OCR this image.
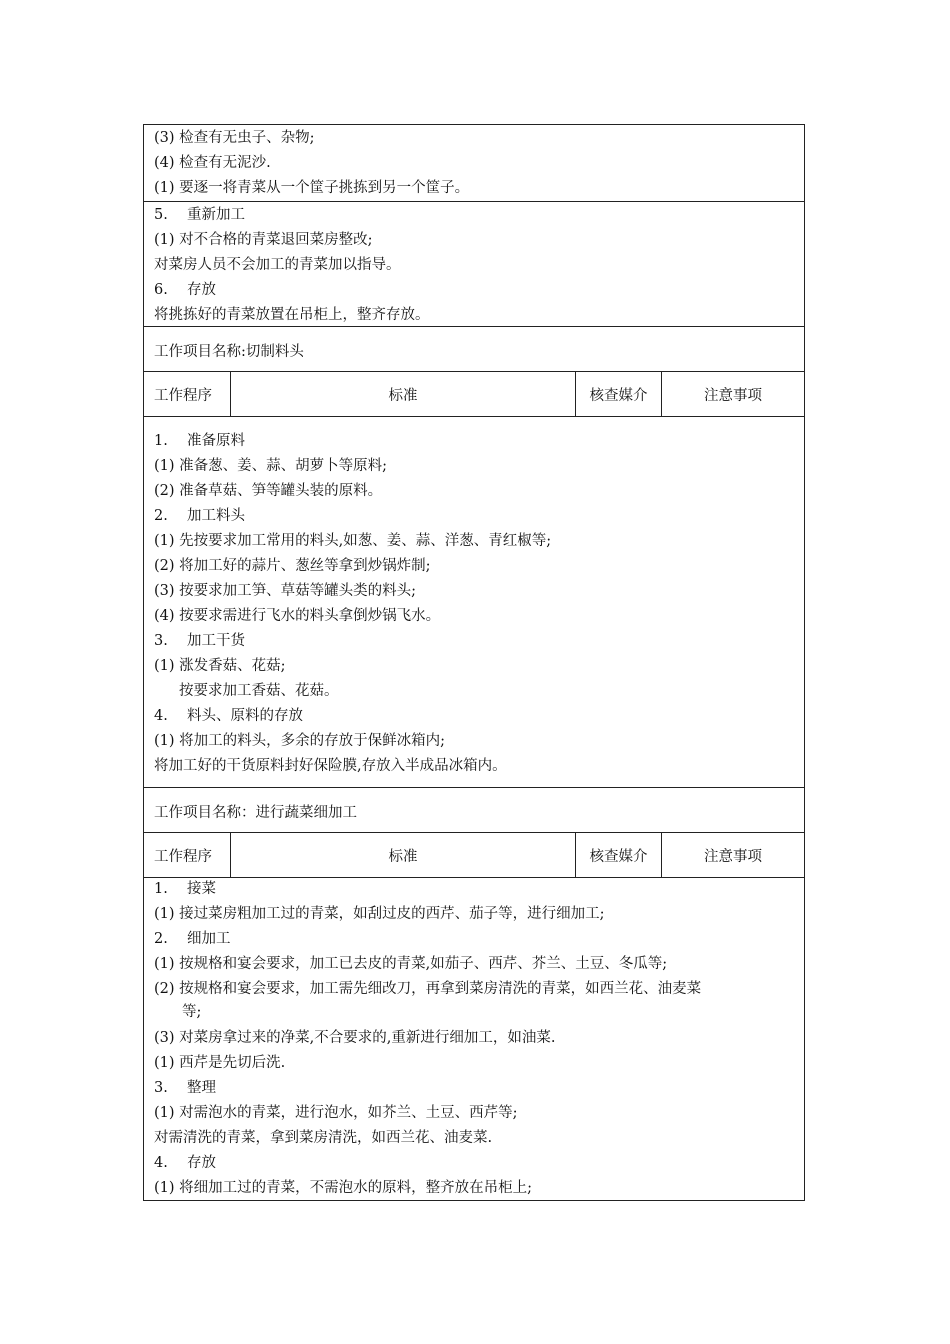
(3) 检查有无虫子、杂物;
(4) 检查有无泥沙.
(1) 要逐一将青菜从一个筐子挑拣到另一个筐子。
5.　 重新加工
(1) 对不合格的青菜退回菜房整改;
对菜房人员不会加工的青菜加以指导。
6.　 存放
将挑拣好的青菜放置在吊柜上，整齐存放。
工作项目名称:切制料头
工作程序	标准	核查媒介	注意事项
1.　 准备原料
(1) 准备葱、姜、蒜、胡萝卜等原料;
(2) 准备草菇、笋等罐头装的原料。
2.　 加工料头
(1) 先按要求加工常用的料头,如葱、姜、蒜、洋葱、青红椒等;
(2) 将加工好的蒜片、葱丝等拿到炒锅炸制;
(3) 按要求加工笋、草菇等罐头类的料头;
(4) 按要求需进行飞水的料头拿倒炒锅飞水。
3.　 加工干货
(1) 涨发香菇、花菇;
按要求加工香菇、花菇。
4.　 料头、原料的存放
(1) 将加工的料头，多余的存放于保鲜冰箱内;
将加工好的干货原料封好保险膜,存放入半成品冰箱内。
工作项目名称：进行蔬菜细加工
工作程序	标准	核查媒介	注意事项
1.　 接菜
(1) 接过菜房粗加工过的青菜，如刮过皮的西芹、茄子等，进行细加工;
2.　 细加工
(1) 按规格和宴会要求，加工已去皮的青菜,如茄子、西芹、芥兰、土豆、冬瓜等;
(2) 按规格和宴会要求，加工需先细改刀，再拿到菜房清洗的青菜，如西兰花、油麦菜
等;
(3) 对菜房拿过来的净菜,不合要求的,重新进行细加工，如油菜.
(1) 西芹是先切后洗.
3.　 整理
(1) 对需泡水的青菜，进行泡水，如芥兰、土豆、西芹等;
对需清洗的青菜，拿到菜房清洗，如西兰花、油麦菜.
4.　 存放
(1) 将细加工过的青菜，不需泡水的原料，整齐放在吊柜上;
